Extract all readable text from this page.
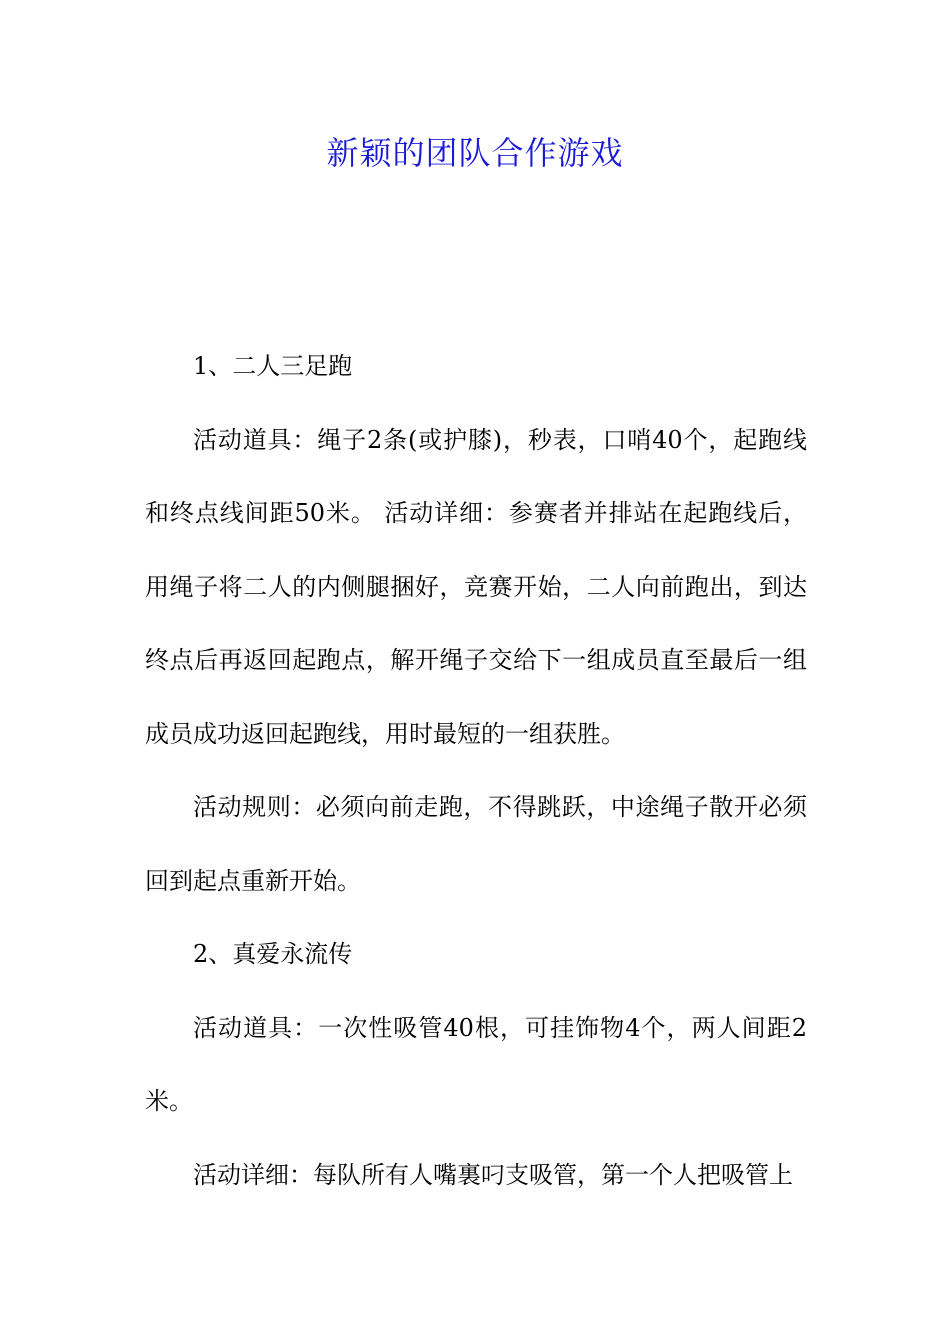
新颖的团队合作游戏

1、二人三足跑

活动道具：绳子2条(或护膝)，秒表，口哨40个，起跑线和终点线间距50米。 活动详细：参赛者并排站在起跑线后，用绳子将二人的内侧腿捆好，竞赛开始，二人向前跑出，到达终点后再返回起跑点，解开绳子交给下一组成员直至最后一组成员成功返回起跑线，用时最短的一组获胜。

活动规则：必须向前走跑，不得跳跃，中途绳子散开必须回到起点重新开始。

2、真爱永流传

活动道具：一次性吸管40根，可挂饰物4个，两人间距2米。

活动详细：每队所有人嘴裏叼支吸管，第一个人把吸管上
